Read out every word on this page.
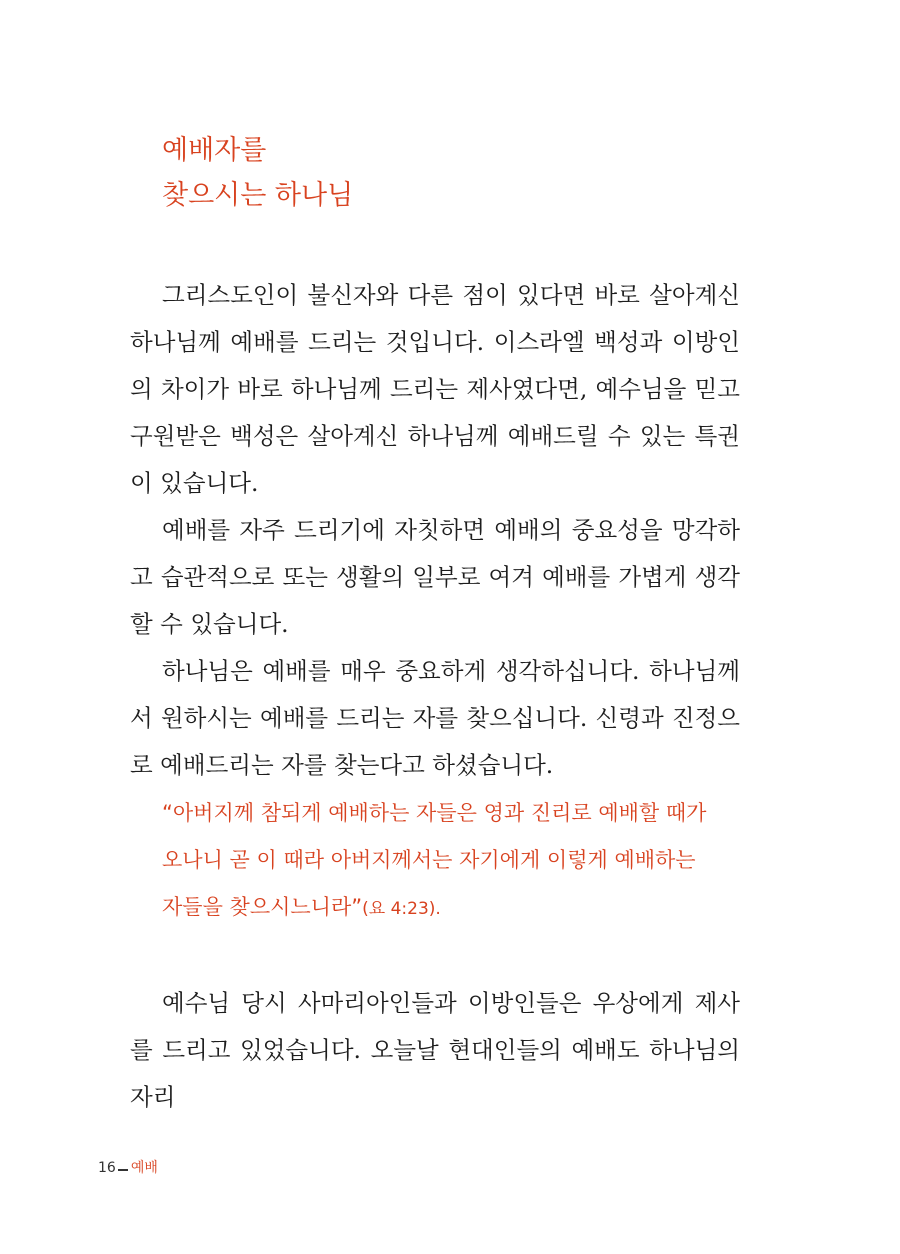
예배자를
찾으시는 하나님

그리스도인이 불신자와 다른 점이 있다면 바로 살아계신 하나님께 예배를 드리는 것입니다. 이스라엘 백성과 이방인의 차이가 바로 하나님께 드리는 제사였다면, 예수님을 믿고 구원받은 백성은 살아계신 하나님께 예배드릴 수 있는 특권이 있습니다.

예배를 자주 드리기에 자칫하면 예배의 중요성을 망각하고 습관적으로 또는 생활의 일부로 여겨 예배를 가볍게 생각할 수 있습니다.

하나님은 예배를 매우 중요하게 생각하십니다. 하나님께서 원하시는 예배를 드리는 자를 찾으십니다. 신령과 진정으로 예배드리는 자를 찾는다고 하셨습니다.

“아버지께 참되게 예배하는 자들은 영과 진리로 예배할 때가 오나니 곧 이 때라 아버지께서는 자기에게 이렇게 예배하는 자들을 찾으시느니라”(요 4:23).

예수님 당시 사마리아인들과 이방인들은 우상에게 제사를 드리고 있었습니다. 오늘날 현대인들의 예배도 하나님의 자리

16 예배
